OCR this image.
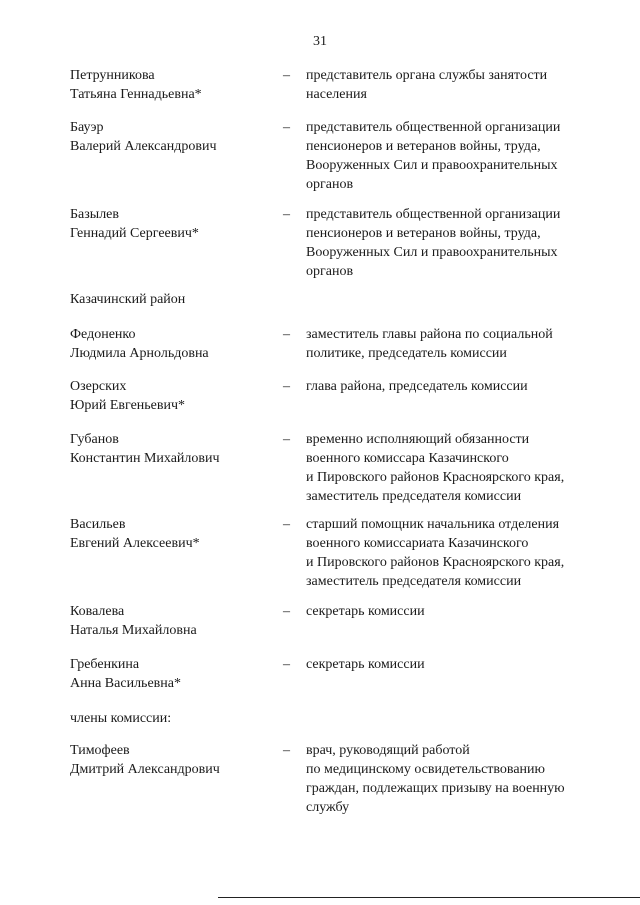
31
Петрунникова
Татьяна Геннадьевна*
– представитель органа службы занятости
населения
Бауэр
Валерий Александрович
– представитель общественной организации
пенсионеров и ветеранов войны, труда,
Вооруженных Сил и правоохранительных
органов
Базылев
Геннадий Сергеевич*
– представитель общественной организации
пенсионеров и ветеранов войны, труда,
Вооруженных Сил и правоохранительных
органов
Казачинский район
Федоненко
Людмила Арнольдовна
– заместитель главы района по социальной
политике, председатель комиссии
Озерских
Юрий Евгеньевич*
– глава района, председатель комиссии
Губанов
Константин Михайлович
– временно исполняющий обязанности
военного комиссара Казачинского
и Пировского районов Красноярского края,
заместитель председателя комиссии
Васильев
Евгений Алексеевич*
– старший помощник начальника отделения
военного комиссариата Казачинского
и Пировского районов Красноярского края,
заместитель председателя комиссии
Ковалева
Наталья Михайловна
– секретарь комиссии
Гребенкина
Анна Васильевна*
– секретарь комиссии
члены комиссии:
Тимофеев
Дмитрий Александрович
– врач, руководящий работой
по медицинскому освидетельствованию
граждан, подлежащих призыву на военную
службу
